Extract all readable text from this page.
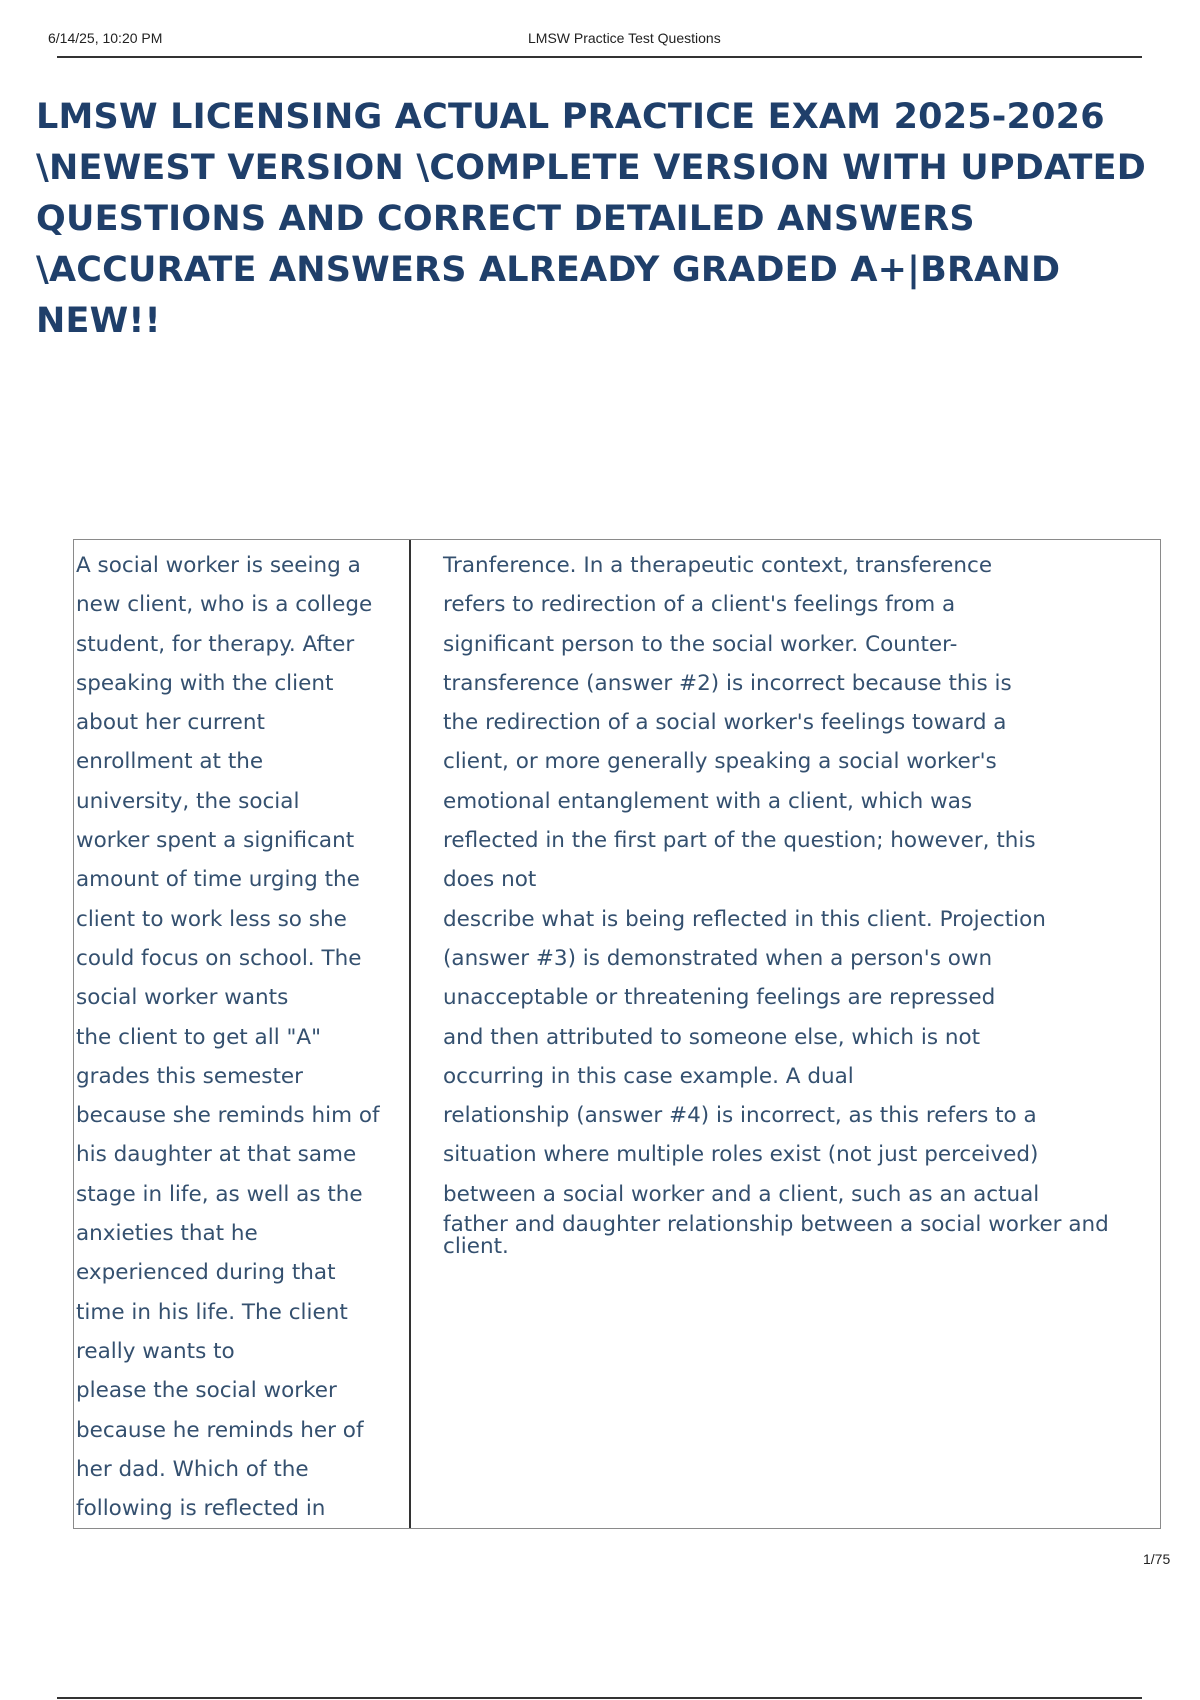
6/14/25, 10:20 PM	LMSW Practice Test Questions
LMSW LICENSING ACTUAL PRACTICE EXAM 2025-2026 \NEWEST VERSION \COMPLETE VERSION WITH UPDATED QUESTIONS AND CORRECT DETAILED ANSWERS \ACCURATE ANSWERS ALREADY GRADED A+|BRAND NEW!!
A social worker is seeing a
new client, who is a college
student, for therapy. After
speaking with the client
about her current
enrollment at the
university, the social
worker spent a significant
amount of time urging the
client to work less so she
could focus on school. The
social worker wants
the client to get all "A"
grades this semester
because she reminds him of
his daughter at that same
stage in life, as well as the
anxieties that he
experienced during that
time in his life. The client
really wants to
please the social worker
because he reminds her of
her dad. Which of the
following is reflected in
Tranference. In a therapeutic context, transference
refers to redirection of a client's feelings from a
significant person to the social worker. Counter-
transference (answer #2) is incorrect because this is
the redirection of a social worker's feelings toward a
client, or more generally speaking a social worker's
emotional entanglement with a client, which was
reflected in the first part of the question; however, this
does not
describe what is being reflected in this client. Projection
(answer #3) is demonstrated when a person's own
unacceptable or threatening feelings are repressed
and then attributed to someone else, which is not
occurring in this case example. A dual
relationship (answer #4) is incorrect, as this refers to a
situation where multiple roles exist (not just perceived)
between a social worker and a client, such as an actual
father and daughter relationship between a social worker and
client.
1/75
